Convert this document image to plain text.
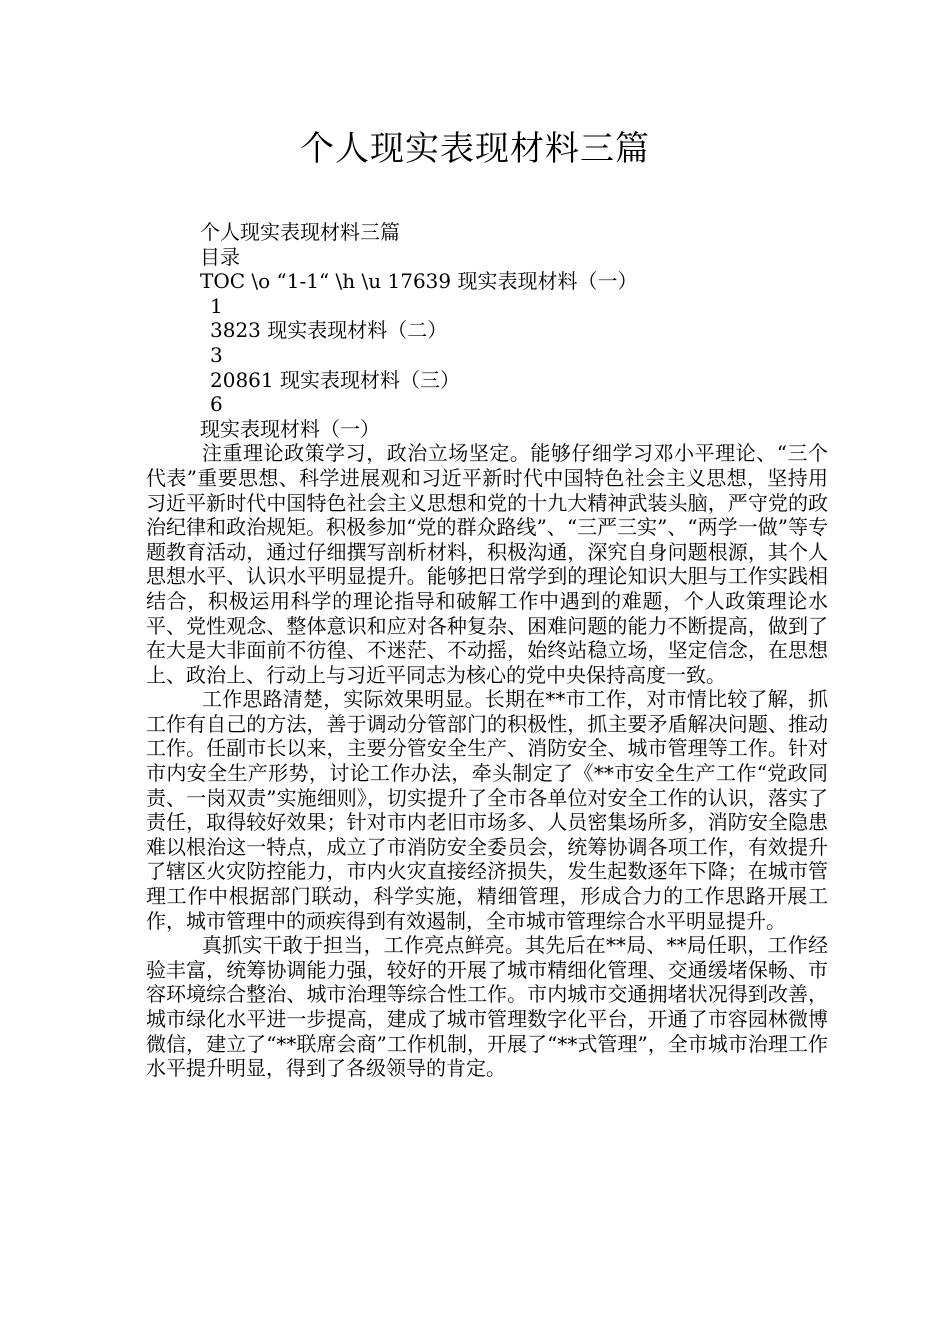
个人现实表现材料三篇

个人现实表现材料三篇

目录

TOC \o “1-1“ \h \u 17639 现实表现材料（一）

1

3823 现实表现材料（二）

3

20861 现实表现材料（三）

6

现实表现材料（一）

注重理论政策学习，政治立场坚定。能够仔细学习邓小平理论、“三个代表”重要思想、科学进展观和习近平新时代中国特色社会主义思想，坚持用习近平新时代中国特色社会主义思想和党的十九大精神武装头脑，严守党的政治纪律和政治规矩。积极参加“党的群众路线”、“三严三实”、“两学一做”等专题教育活动，通过仔细撰写剖析材料，积极沟通，深究自身问题根源，其个人思想水平、认识水平明显提升。能够把日常学到的理论知识大胆与工作实践相结合，积极运用科学的理论指导和破解工作中遇到的难题，个人政策理论水平、党性观念、整体意识和应对各种复杂、困难问题的能力不断提高，做到了在大是大非面前不彷徨、不迷茫、不动摇，始终站稳立场，坚定信念，在思想上、政治上、行动上与习近平同志为核心的党中央保持高度一致。

工作思路清楚，实际效果明显。长期在**市工作，对市情比较了解，抓工作有自己的方法，善于调动分管部门的积极性，抓主要矛盾解决问题、推动工作。任副市长以来，主要分管安全生产、消防安全、城市管理等工作。针对市内安全生产形势，讨论工作办法，牵头制定了《**市安全生产工作“党政同责、一岗双责”实施细则》，切实提升了全市各单位对安全工作的认识，落实了责任，取得较好效果；针对市内老旧市场多、人员密集场所多，消防安全隐患难以根治这一特点，成立了市消防安全委员会，统筹协调各项工作，有效提升了辖区火灾防控能力，市内火灾直接经济损失，发生起数逐年下降；在城市管理工作中根据部门联动，科学实施，精细管理，形成合力的工作思路开展工作，城市管理中的顽疾得到有效遏制，全市城市管理综合水平明显提升。

真抓实干敢于担当，工作亮点鲜亮。其先后在**局、**局任职，工作经验丰富，统筹协调能力强，较好的开展了城市精细化管理、交通缓堵保畅、市容环境综合整治、城市治理等综合性工作。市内城市交通拥堵状况得到改善，城市绿化水平进一步提高，建成了城市管理数字化平台，开通了市容园林微博微信，建立了“**联席会商”工作机制，开展了“**式管理”，全市城市治理工作水平提升明显，得到了各级领导的肯定。
